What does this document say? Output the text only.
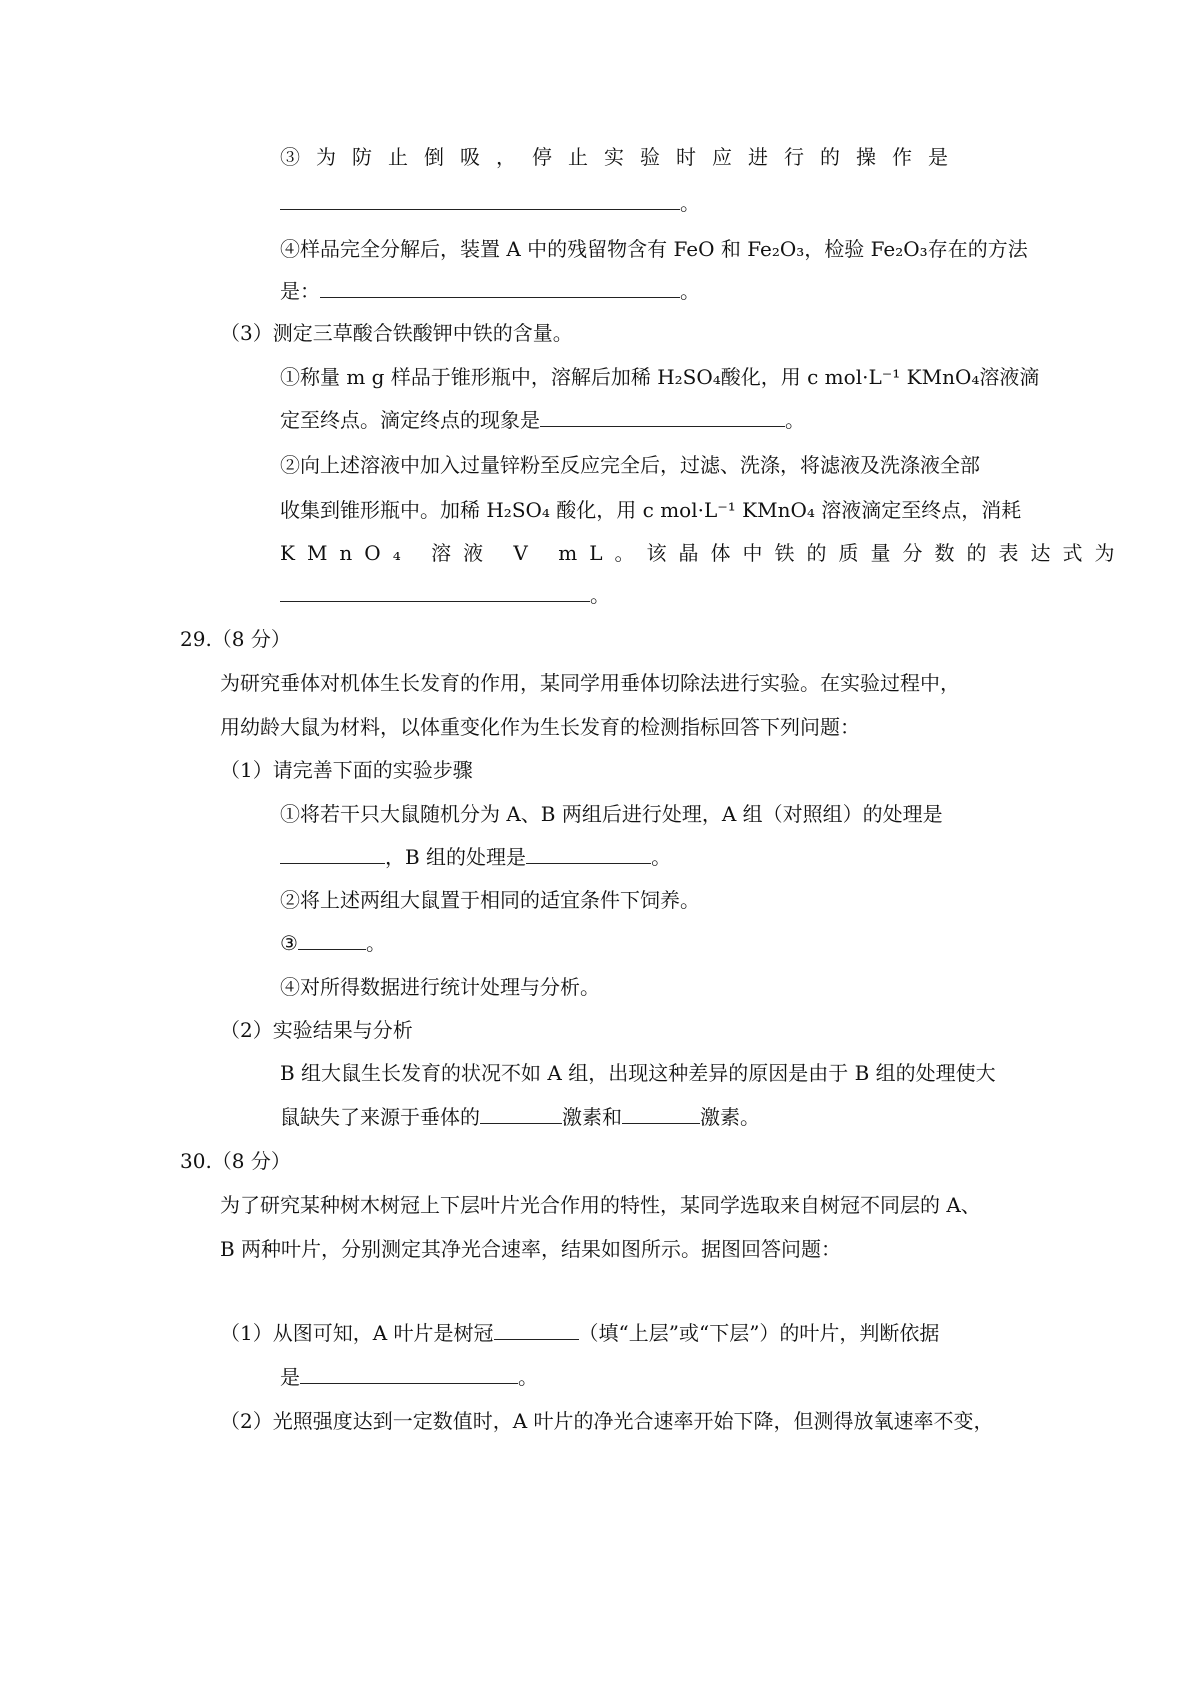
③为防止倒吸，停止实验时应进行的操作是
。
④样品完全分解后，装置 A 中的残留物含有 FeO 和 Fe₂O₃，检验 Fe₂O₃存在的方法
是：	。
（3）测定三草酸合铁酸钾中铁的含量。
①称量 m g 样品于锥形瓶中，溶解后加稀 H₂SO₄酸化，用 c mol·L⁻¹ KMnO₄溶液滴
定至终点。滴定终点的现象是	。
②向上述溶液中加入过量锌粉至反应完全后，过滤、洗涤，将滤液及洗涤液全部
收集到锥形瓶中。加稀 H₂SO₄ 酸化，用 c mol·L⁻¹ KMnO₄ 溶液滴定至终点，消耗
KMnO₄ 溶液 V mL。该晶体中铁的质量分数的表达式为
。
29.（8 分）
为研究垂体对机体生长发育的作用，某同学用垂体切除法进行实验。在实验过程中，
用幼龄大鼠为材料，以体重变化作为生长发育的检测指标回答下列问题：
（1）请完善下面的实验步骤
①将若干只大鼠随机分为 A、B 两组后进行处理，A 组（对照组）的处理是
，B 组的处理是	。
②将上述两组大鼠置于相同的适宜条件下饲养。
③	。
④对所得数据进行统计处理与分析。
（2）实验结果与分析
B 组大鼠生长发育的状况不如 A 组，出现这种差异的原因是由于 B 组的处理使大
鼠缺失了来源于垂体的	激素和	激素。
30.（8 分）
为了研究某种树木树冠上下层叶片光合作用的特性，某同学选取来自树冠不同层的 A、
B 两种叶片，分别测定其净光合速率，结果如图所示。据图回答问题：
（1）从图可知，A 叶片是树冠	（填“上层”或“下层”）的叶片，判断依据
是	。
（2）光照强度达到一定数值时，A 叶片的净光合速率开始下降，但测得放氧速率不变，
